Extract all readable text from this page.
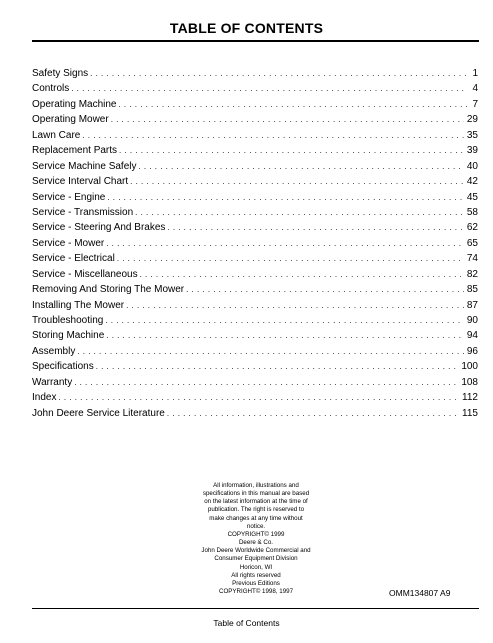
TABLE OF CONTENTS
Safety Signs .....	1
Controls .....	4
Operating Machine .....	7
Operating Mower .....	29
Lawn Care .....	35
Replacement Parts .....	39
Service Machine Safely .....	40
Service Interval Chart .....	42
Service - Engine .....	45
Service - Transmission .....	58
Service - Steering And Brakes .....	62
Service - Mower .....	65
Service - Electrical .....	74
Service - Miscellaneous .....	82
Removing And Storing The Mower .....	85
Installing The Mower .....	87
Troubleshooting .....	90
Storing Machine .....	94
Assembly .....	96
Specifications .....	100
Warranty .....	108
Index .....	112
John Deere Service Literature .....	115
All information, illustrations and
specifications in this manual are based
on the latest information at the time of
publication. The right is reserved to
make changes at any time without
notice.
COPYRIGHT© 1999
Deere & Co.
John Deere Worldwide Commercial and
Consumer Equipment Division
Horicon, WI
All rights reserved
Previous Editions
COPYRIGHT© 1998, 1997	OMM134807 A9
Table of Contents
